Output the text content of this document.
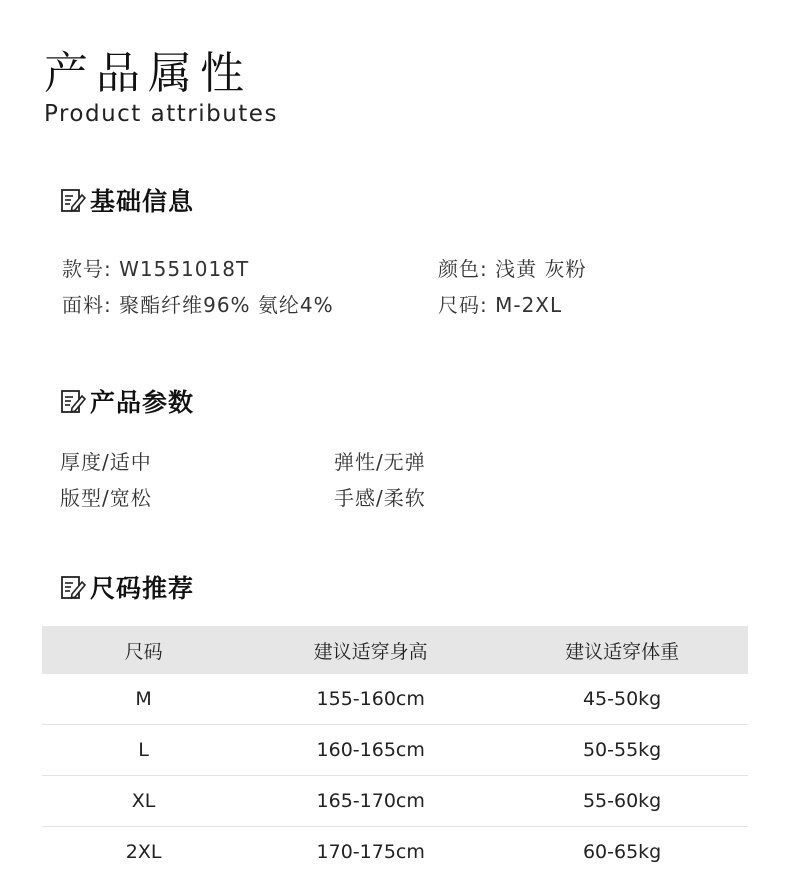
产品属性
Product attributes
基础信息
款号: W1551018T	颜色: 浅黄 灰粉
面料: 聚酯纤维96% 氨纶4%	尺码: M-2XL
产品参数
厚度/适中	弹性/无弹
版型/宽松	手感/柔软
尺码推荐
尺码	建议适穿身高	建议适穿体重
M	155-160cm	45-50kg
L	160-165cm	50-55kg
XL	165-170cm	55-60kg
2XL	170-175cm	60-65kg
